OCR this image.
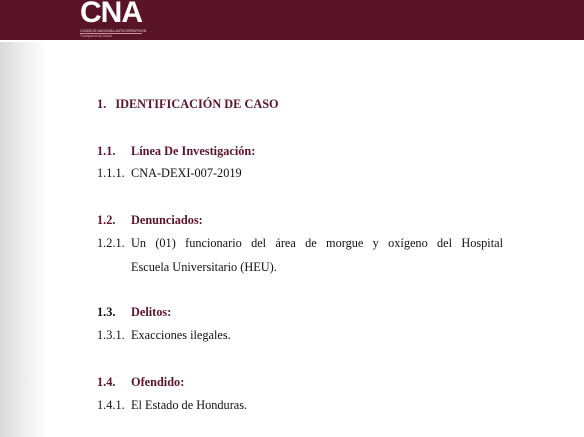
CNA
CONSEJO NACIONAL ANTICORRUPCIÓN
Transparencia Social
1. IDENTIFICACIÓN DE CASO
1.1. Línea De Investigación:
1.1.1. CNA-DEXI-007-2019
1.2. Denunciados:
1.2.1. Un (01) funcionario del área de morgue y oxígeno del Hospital
Escuela Universitario (HEU).
1.3. Delitos:
1.3.1. Exacciones ilegales.
1.4. Ofendido:
1.4.1. El Estado de Honduras.
